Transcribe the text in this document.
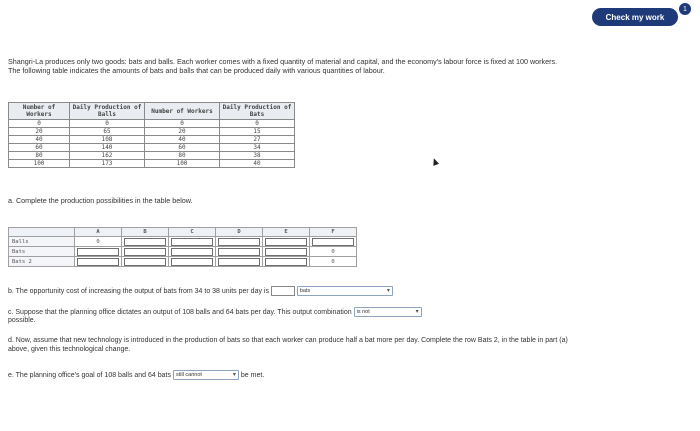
Check my work
1
Shangri-La produces only two goods: bats and balls. Each worker comes with a fixed quantity of material and capital, and the economy's labour force is fixed at 100 workers. The following table indicates the amounts of bats and balls that can be produced daily with various quantities of labour.
Number of Workers	Daily Production of Balls	Number of Workers	Daily Production of Bats
0	0	0	0
20	65	20	15
40	108	40	27
60	140	60	34
80	162	80	38
100	173	100	40
a. Complete the production possibilities in the table below.
	A	B	C	D	E	F
Balls	0					
Bats						0
Bats 2						0
b. The opportunity cost of increasing the output of bats from 34 to 38 units per day is	bats	▾
c. Suppose that the planning office dictates an output of 108 balls and 64 bats per day. This output combination is not	▾

possible.
d. Now, assume that new technology is introduced in the production of bats so that each worker can produce half a bat more per day. Complete the row Bats 2, in the table in part (a) above, given this technological change.
e. The planning office's goal of 108 balls and 64 bats still cannot	▾ be met.
